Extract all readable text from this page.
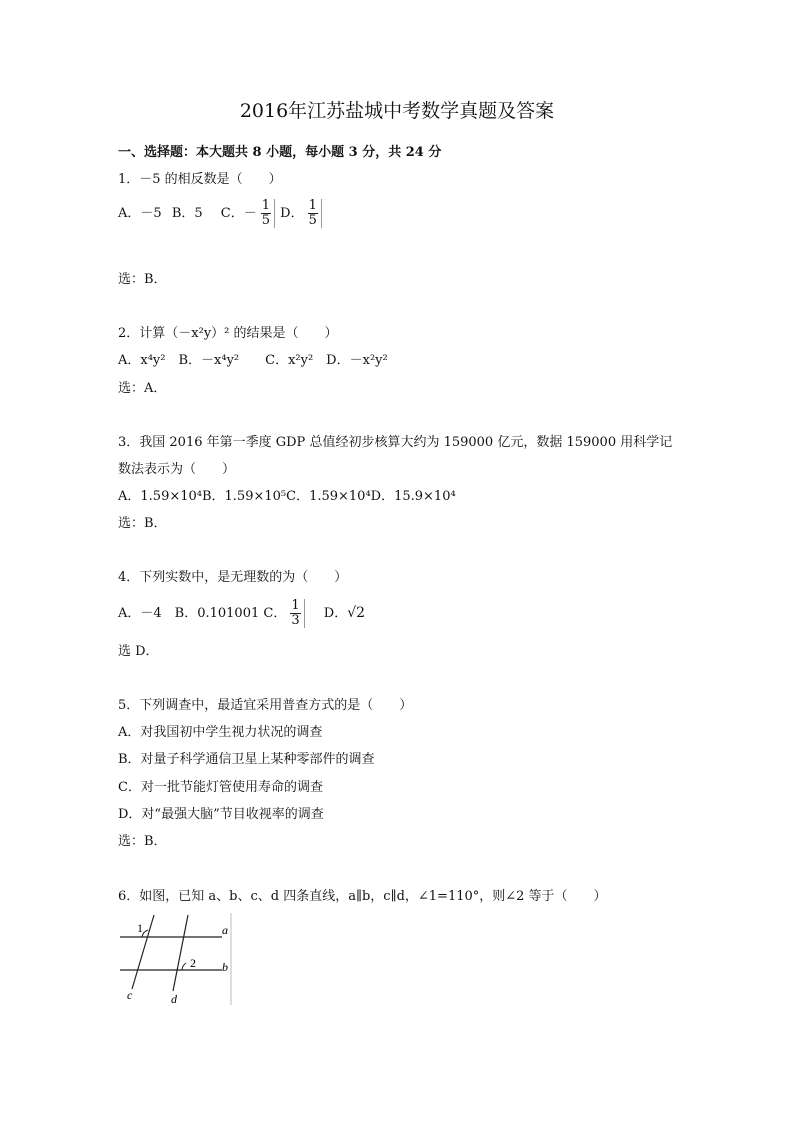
2016年江苏盐城中考数学真题及答案
一、选择题：本大题共 8 小题，每小题 3 分，共 24 分
1．－5 的相反数是（　　）
A．－5 B．5 C．－ $\frac{1}{5}$ D． $\frac{1}{5}$
选：B．
2．计算（－x²y）² 的结果是（　　）
A．x⁴y²　B．－x⁴y²　　C．x²y²　D．－x²y²
选：A．
3．我国 2016 年第一季度 GDP 总值经初步核算大约为 159000 亿元，数据 159000 用科学记
数法表示为（　　）
A．1.59×10⁴B．1.59×10⁵C．1.59×10⁴D．15.9×10⁴
选：B．
4．下列实数中，是无理数的为（　　）
A．－4　B．0.101001 C． $\frac{1}{3}$ D．√2
选 D．
5．下列调查中，最适宜采用普查方式的是（　　）
A．对我国初中学生视力状况的调查
B．对量子科学通信卫星上某种零部件的调查
C．对一批节能灯管使用寿命的调查
D．对“最强大脑”节目收视率的调查
选：B．
6．如图，已知 a、b、c、d 四条直线，a∥b，c∥d，∠1=110°，则∠2 等于（　　）
1
2
a
b
c	d
